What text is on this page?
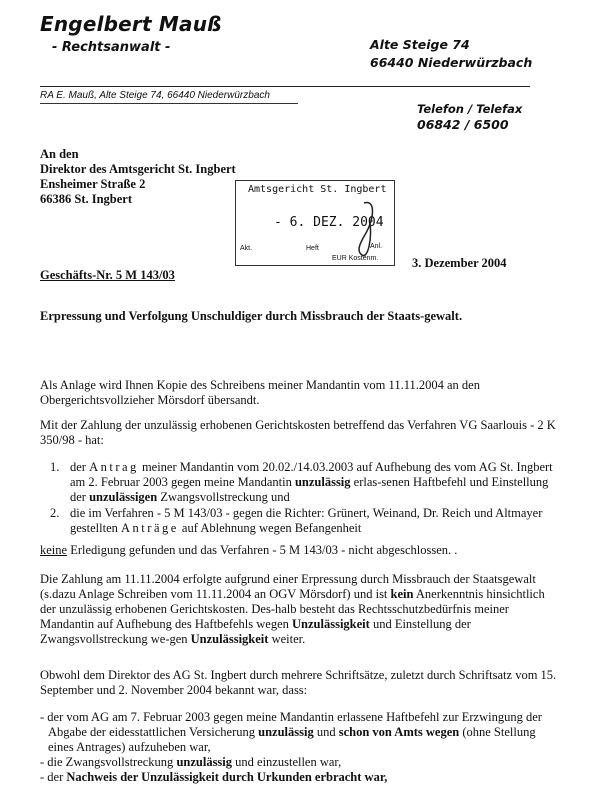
Engelbert Mauß
- Rechtsanwalt -	Alte Steige 74
66440 Niederwürzbach
RA E. Mauß, Alte Steige 74, 66440 Niederwürzbach
Telefon / Telefax
06842 / 6500
An den
Direktor des Amtsgericht St. Ingbert
Ensheimer Straße 2
66386 St. Ingbert
Amtsgericht St. Ingbert
- 6. DEZ. 2004
Akt.	Heft	Anl.
EUR Kostenm.	3. Dezember 2004
Geschäfts-Nr. 5 M 143/03
Erpressung und Verfolgung Unschuldiger durch Missbrauch der Staats-gewalt.
Als Anlage wird Ihnen Kopie des Schreibens meiner Mandantin vom 11.11.2004 an den Obergerichtsvollzieher Mörsdorf übersandt.
Mit der Zahlung der unzulässig erhobenen Gerichtskosten betreffend das Verfahren VG Saarlouis - 2 K 350/98 - hat:
1. der Antrag meiner Mandantin vom 20.02./14.03.2003 auf Aufhebung des vom AG St. Ingbert am 2. Februar 2003 gegen meine Mandantin unzulässig erlas-senen Haftbefehl und Einstellung der unzulässigen Zwangsvollstreckung und
2. die im Verfahren - 5 M 143/03 - gegen die Richter: Grünert, Weinand, Dr. Reich und Altmayer gestellten Anträge auf Ablehnung wegen Befangenheit
keine Erledigung gefunden und das Verfahren - 5 M 143/03 - nicht abgeschlossen. .
Die Zahlung am 11.11.2004 erfolgte aufgrund einer Erpressung durch Missbrauch der Staatsgewalt (s.dazu Anlage Schreiben vom 11.11.2004 an OGV Mörsdorf) und ist kein Anerkenntnis hinsichtlich der unzulässig erhobenen Gerichtskosten. Des-halb besteht das Rechtsschutzbedürfnis meiner Mandantin auf Aufhebung des Haftbefehls wegen Unzulässigkeit und Einstellung der Zwangsvollstreckung we-gen Unzulässigkeit weiter.
Obwohl dem Direktor des AG St. Ingbert durch mehrere Schriftsätze, zuletzt durch Schriftsatz vom 15. September und 2. November 2004 bekannt war, dass:
- der vom AG am 7. Februar 2003 gegen meine Mandantin erlassene Haftbefehl zur Erzwingung der Abgabe der eidesstattlichen Versicherung unzulässig und schon von Amts wegen (ohne Stellung eines Antrages) aufzuheben war,
- die Zwangsvollstreckung unzulässig und einzustellen war,
- der Nachweis der Unzulässigkeit durch Urkunden erbracht war,
